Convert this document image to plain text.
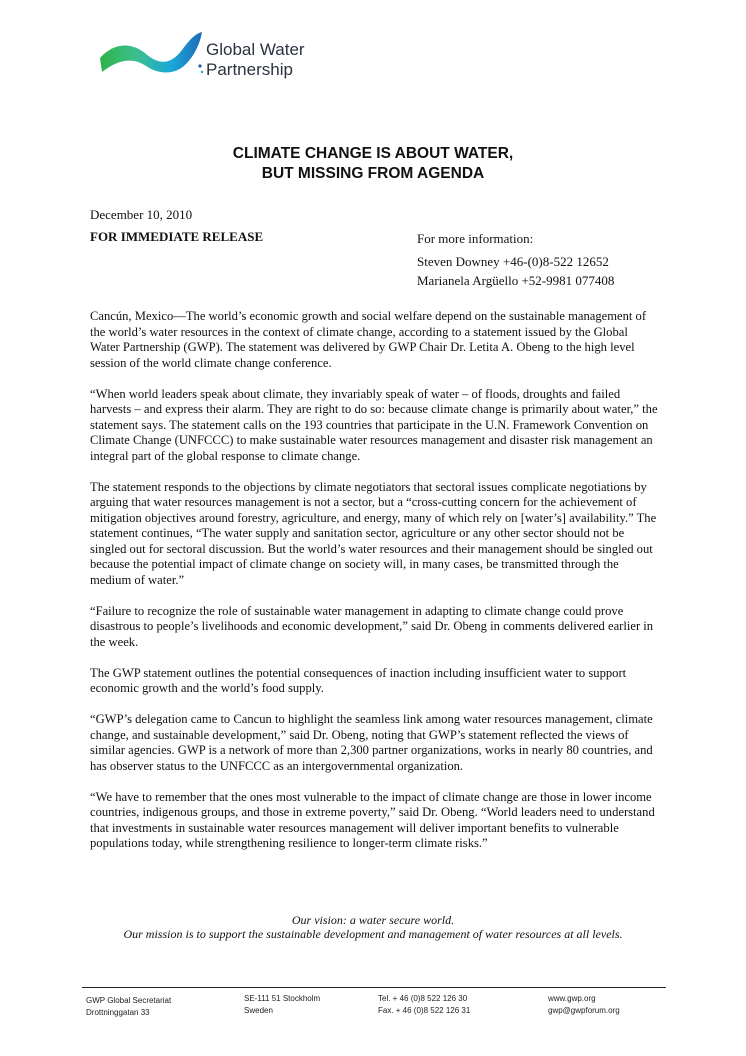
Global Water
Partnership
CLIMATE CHANGE IS ABOUT WATER,
BUT MISSING FROM AGENDA
December 10, 2010
FOR IMMEDIATE RELEASE	For more information:
Steven Downey +46-(0)8-522 12652
Marianela Argüello +52-9981 077408

Cancún, Mexico—The world’s economic growth and social welfare depend on the sustainable management of the world’s water resources in the context of climate change, according to a statement issued by the Global Water Partnership (GWP). The statement was delivered by GWP Chair Dr. Letita A. Obeng to the high level session of the world climate change conference.

“When world leaders speak about climate, they invariably speak of water – of floods, droughts and failed harvests – and express their alarm. They are right to do so: because climate change is primarily about water,” the statement says. The statement calls on the 193 countries that participate in the U.N. Framework Convention on Climate Change (UNFCCC) to make sustainable water resources management and disaster risk management an integral part of the global response to climate change.

The statement responds to the objections by climate negotiators that sectoral issues complicate negotiations by arguing that water resources management is not a sector, but a “cross-cutting concern for the achievement of mitigation objectives around forestry, agriculture, and energy, many of which rely on [water’s] availability.” The statement continues, “The water supply and sanitation sector, agriculture or any other sector should not be singled out for sectoral discussion. But the world’s water resources and their management should be singled out because the potential impact of climate change on society will, in many cases, be transmitted through the medium of water.”

“Failure to recognize the role of sustainable water management in adapting to climate change could prove disastrous to people’s livelihoods and economic development,” said Dr. Obeng in comments delivered earlier in the week.

The GWP statement outlines the potential consequences of inaction including insufficient water to support economic growth and the world’s food supply.

“GWP’s delegation came to Cancun to highlight the seamless link among water resources management, climate change, and sustainable development,” said Dr. Obeng, noting that GWP’s statement reflected the views of similar agencies. GWP is a network of more than 2,300 partner organizations, works in nearly 80 countries, and has observer status to the UNFCCC as an intergovernmental organization.

“We have to remember that the ones most vulnerable to the impact of climate change are those in lower income countries, indigenous groups, and those in extreme poverty,” said Dr. Obeng. “World leaders need to understand that investments in sustainable water resources management will deliver important benefits to vulnerable populations today, while strengthening resilience to longer-term climate risks.”

Our vision: a water secure world.
Our mission is to support the sustainable development and management of water resources at all levels.
GWP Global Secretariat
Drottninggatan 33
SE-111 51 Stockholm
Sweden
Tel. + 46 (0)8 522 126 30
Fax. + 46 (0)8 522 126 31
www.gwp.org
gwp@gwpforum.org
